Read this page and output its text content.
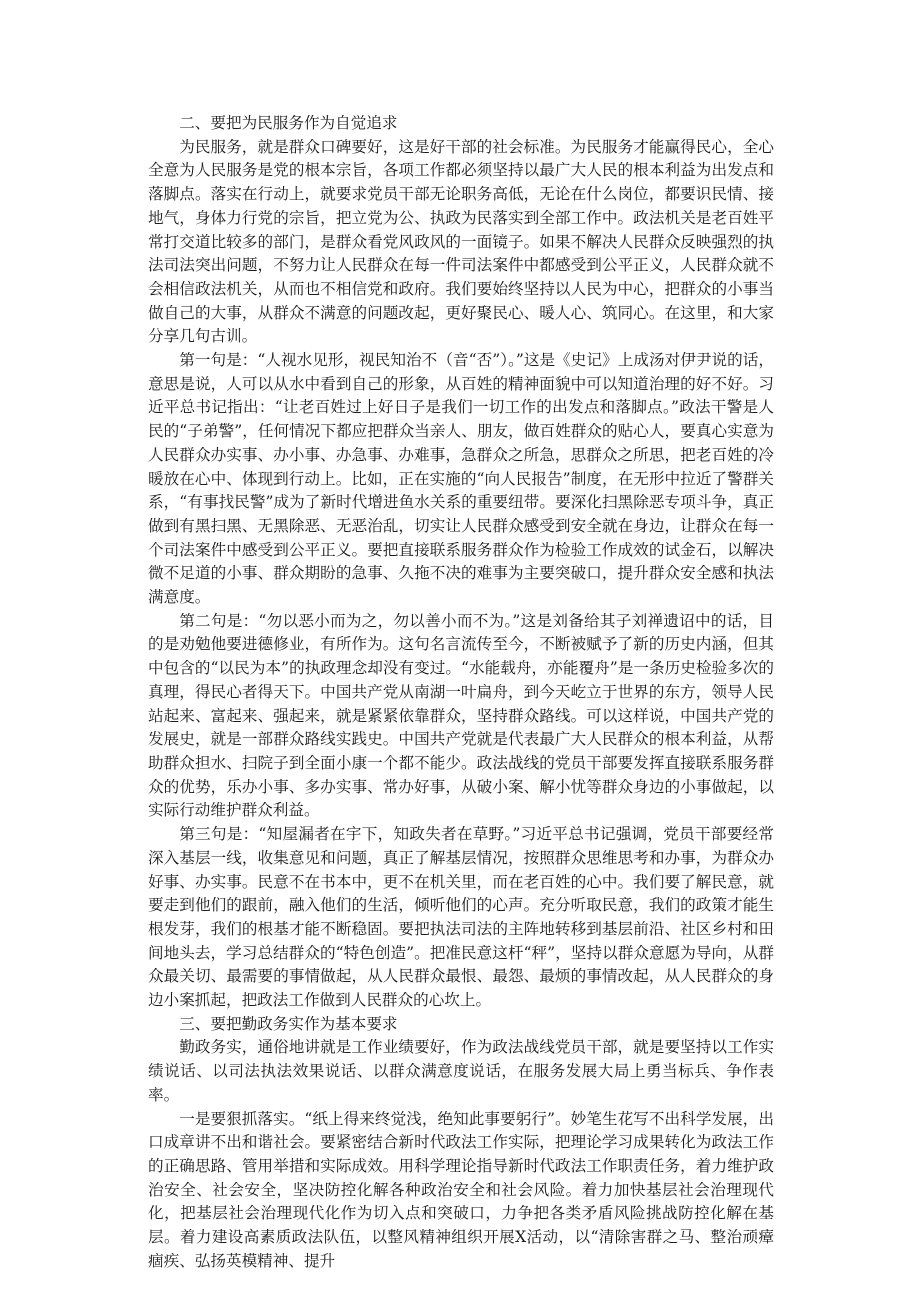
二、要把为民服务作为自觉追求

为民服务，就是群众口碑要好，这是好干部的社会标准。为民服务才能赢得民心，全心全意为人民服务是党的根本宗旨，各项工作都必须坚持以最广大人民的根本利益为出发点和落脚点。落实在行动上，就要求党员干部无论职务高低，无论在什么岗位，都要识民情、接地气，身体力行党的宗旨，把立党为公、执政为民落实到全部工作中。政法机关是老百姓平常打交道比较多的部门，是群众看党风政风的一面镜子。如果不解决人民群众反映强烈的执法司法突出问题，不努力让人民群众在每一件司法案件中都感受到公平正义，人民群众就不会相信政法机关，从而也不相信党和政府。我们要始终坚持以人民为中心，把群众的小事当做自己的大事，从群众不满意的问题改起，更好聚民心、暖人心、筑同心。在这里，和大家分享几句古训。

第一句是：“人视水见形，视民知治不（音“否”）。”这是《史记》上成汤对伊尹说的话，意思是说，人可以从水中看到自己的形象，从百姓的精神面貌中可以知道治理的好不好。习近平总书记指出：“让老百姓过上好日子是我们一切工作的出发点和落脚点。”政法干警是人民的“子弟警”，任何情况下都应把群众当亲人、朋友，做百姓群众的贴心人，要真心实意为人民群众办实事、办小事、办急事、办难事，急群众之所急，思群众之所思，把老百姓的冷暖放在心中、体现到行动上。比如，正在实施的“向人民报告”制度，在无形中拉近了警群关系，“有事找民警”成为了新时代增进鱼水关系的重要纽带。要深化扫黑除恶专项斗争，真正做到有黑扫黑、无黑除恶、无恶治乱，切实让人民群众感受到安全就在身边，让群众在每一个司法案件中感受到公平正义。要把直接联系服务群众作为检验工作成效的试金石，以解决微不足道的小事、群众期盼的急事、久拖不决的难事为主要突破口，提升群众安全感和执法满意度。

第二句是：“勿以恶小而为之，勿以善小而不为。”这是刘备给其子刘禅遗诏中的话，目的是劝勉他要进德修业，有所作为。这句名言流传至今，不断被赋予了新的历史内涵，但其中包含的“以民为本”的执政理念却没有变过。“水能载舟，亦能覆舟”是一条历史检验多次的真理，得民心者得天下。中国共产党从南湖一叶扁舟，到今天屹立于世界的东方，领导人民站起来、富起来、强起来，就是紧紧依靠群众，坚持群众路线。可以这样说，中国共产党的发展史，就是一部群众路线实践史。中国共产党就是代表最广大人民群众的根本利益，从帮助群众担水、扫院子到全面小康一个都不能少。政法战线的党员干部要发挥直接联系服务群众的优势，乐办小事、多办实事、常办好事，从破小案、解小忧等群众身边的小事做起，以实际行动维护群众利益。

第三句是：“知屋漏者在宇下，知政失者在草野。”习近平总书记强调，党员干部要经常深入基层一线，收集意见和问题，真正了解基层情况，按照群众思维思考和办事，为群众办好事、办实事。民意不在书本中，更不在机关里，而在老百姓的心中。我们要了解民意，就要走到他们的跟前，融入他们的生活，倾听他们的心声。充分听取民意，我们的政策才能生根发芽，我们的根基才能不断稳固。要把执法司法的主阵地转移到基层前沿、社区乡村和田间地头去，学习总结群众的“特色创造”。把准民意这杆“秤”，坚持以群众意愿为导向，从群众最关切、最需要的事情做起，从人民群众最恨、最怨、最烦的事情改起，从人民群众的身边小案抓起，把政法工作做到人民群众的心坎上。

三、要把勤政务实作为基本要求

勤政务实，通俗地讲就是工作业绩要好，作为政法战线党员干部，就是要坚持以工作实绩说话、以司法执法效果说话、以群众满意度说话，在服务发展大局上勇当标兵、争作表率。

一是要狠抓落实。“纸上得来终觉浅，绝知此事要躬行”。妙笔生花写不出科学发展，出口成章讲不出和谐社会。要紧密结合新时代政法工作实际，把理论学习成果转化为政法工作的正确思路、管用举措和实际成效。用科学理论指导新时代政法工作职责任务，着力维护政治安全、社会安全，坚决防控化解各种政治安全和社会风险。着力加快基层社会治理现代化，把基层社会治理现代化作为切入点和突破口，力争把各类矛盾风险挑战防控化解在基层。着力建设高素质政法队伍，以整风精神组织开展X活动，以“清除害群之马、整治顽瘴痼疾、弘扬英模精神、提升
